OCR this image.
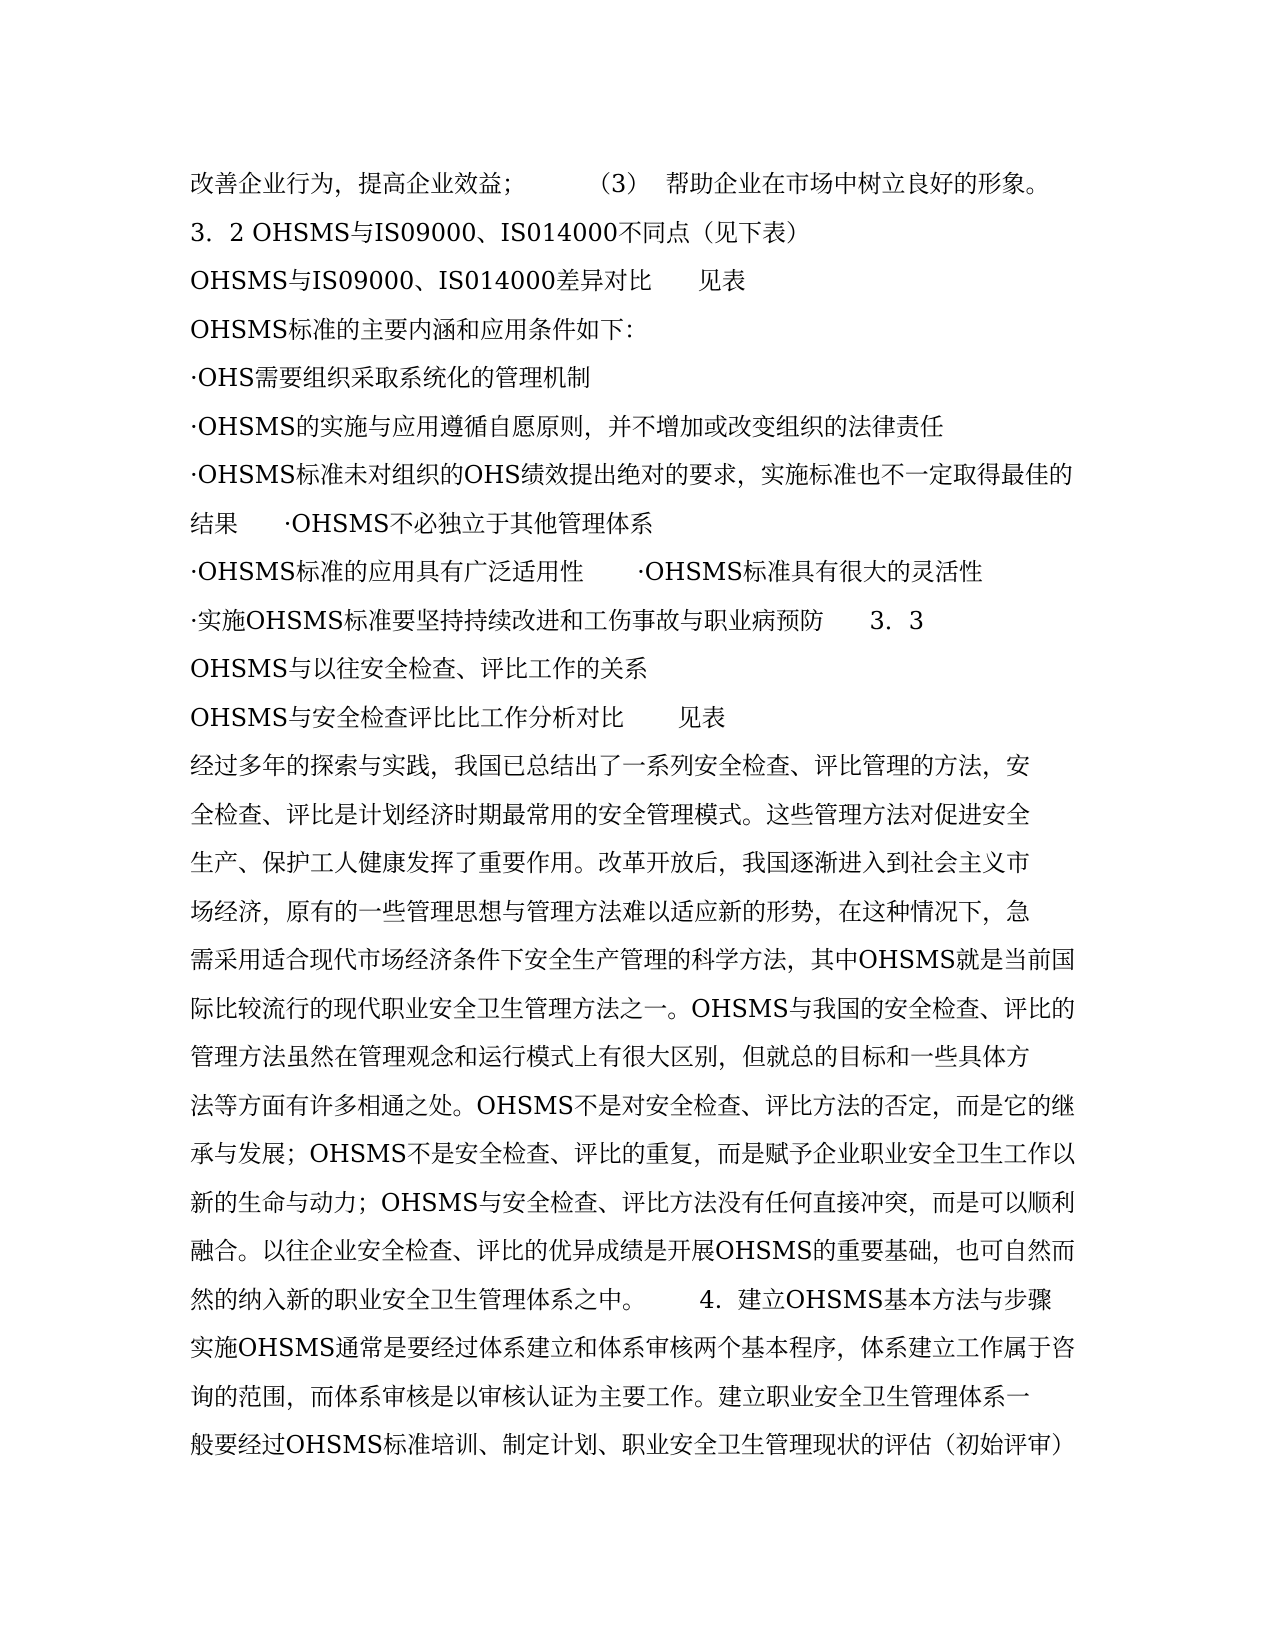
改善企业行为，提高企业效益；        （3）  帮助企业在市场中树立良好的形象。
3．2 OHSMS与IS09000、IS014000不同点（见下表）
OHSMS与IS09000、IS014000差异对比      见表
OHSMS标准的主要内涵和应用条件如下：
·OHS需要组织采取系统化的管理机制
·OHSMS的实施与应用遵循自愿原则，并不增加或改变组织的法律责任
·OHSMS标准未对组织的OHS绩效提出绝对的要求，实施标准也不一定取得最佳的
结果      ·OHSMS不必独立于其他管理体系
·OHSMS标准的应用具有广泛适用性       ·OHSMS标准具有很大的灵活性
·实施OHSMS标准要坚持持续改进和工伤事故与职业病预防      3．3
OHSMS与以往安全检查、评比工作的关系
OHSMS与安全检查评比比工作分析对比       见表
经过多年的探索与实践，我国已总结出了一系列安全检查、评比管理的方法，安
全检查、评比是计划经济时期最常用的安全管理模式。这些管理方法对促进安全
生产、保护工人健康发挥了重要作用。改革开放后，我国逐渐进入到社会主义市
场经济，原有的一些管理思想与管理方法难以适应新的形势，在这种情况下，急
需采用适合现代市场经济条件下安全生产管理的科学方法，其中OHSMS就是当前国
际比较流行的现代职业安全卫生管理方法之一。OHSMS与我国的安全检查、评比的
管理方法虽然在管理观念和运行模式上有很大区别，但就总的目标和一些具体方
法等方面有许多相通之处。OHSMS不是对安全检查、评比方法的否定，而是它的继
承与发展；OHSMS不是安全检查、评比的重复，而是赋予企业职业安全卫生工作以
新的生命与动力；OHSMS与安全检查、评比方法没有任何直接冲突，而是可以顺利
融合。以往企业安全检查、评比的优异成绩是开展OHSMS的重要基础，也可自然而
然的纳入新的职业安全卫生管理体系之中。       4.  建立OHSMS基本方法与步骤
实施OHSMS通常是要经过体系建立和体系审核两个基本程序，体系建立工作属于咨
询的范围，而体系审核是以审核认证为主要工作。建立职业安全卫生管理体系一
般要经过OHSMS标准培训、制定计划、职业安全卫生管理现状的评估（初始评审）
